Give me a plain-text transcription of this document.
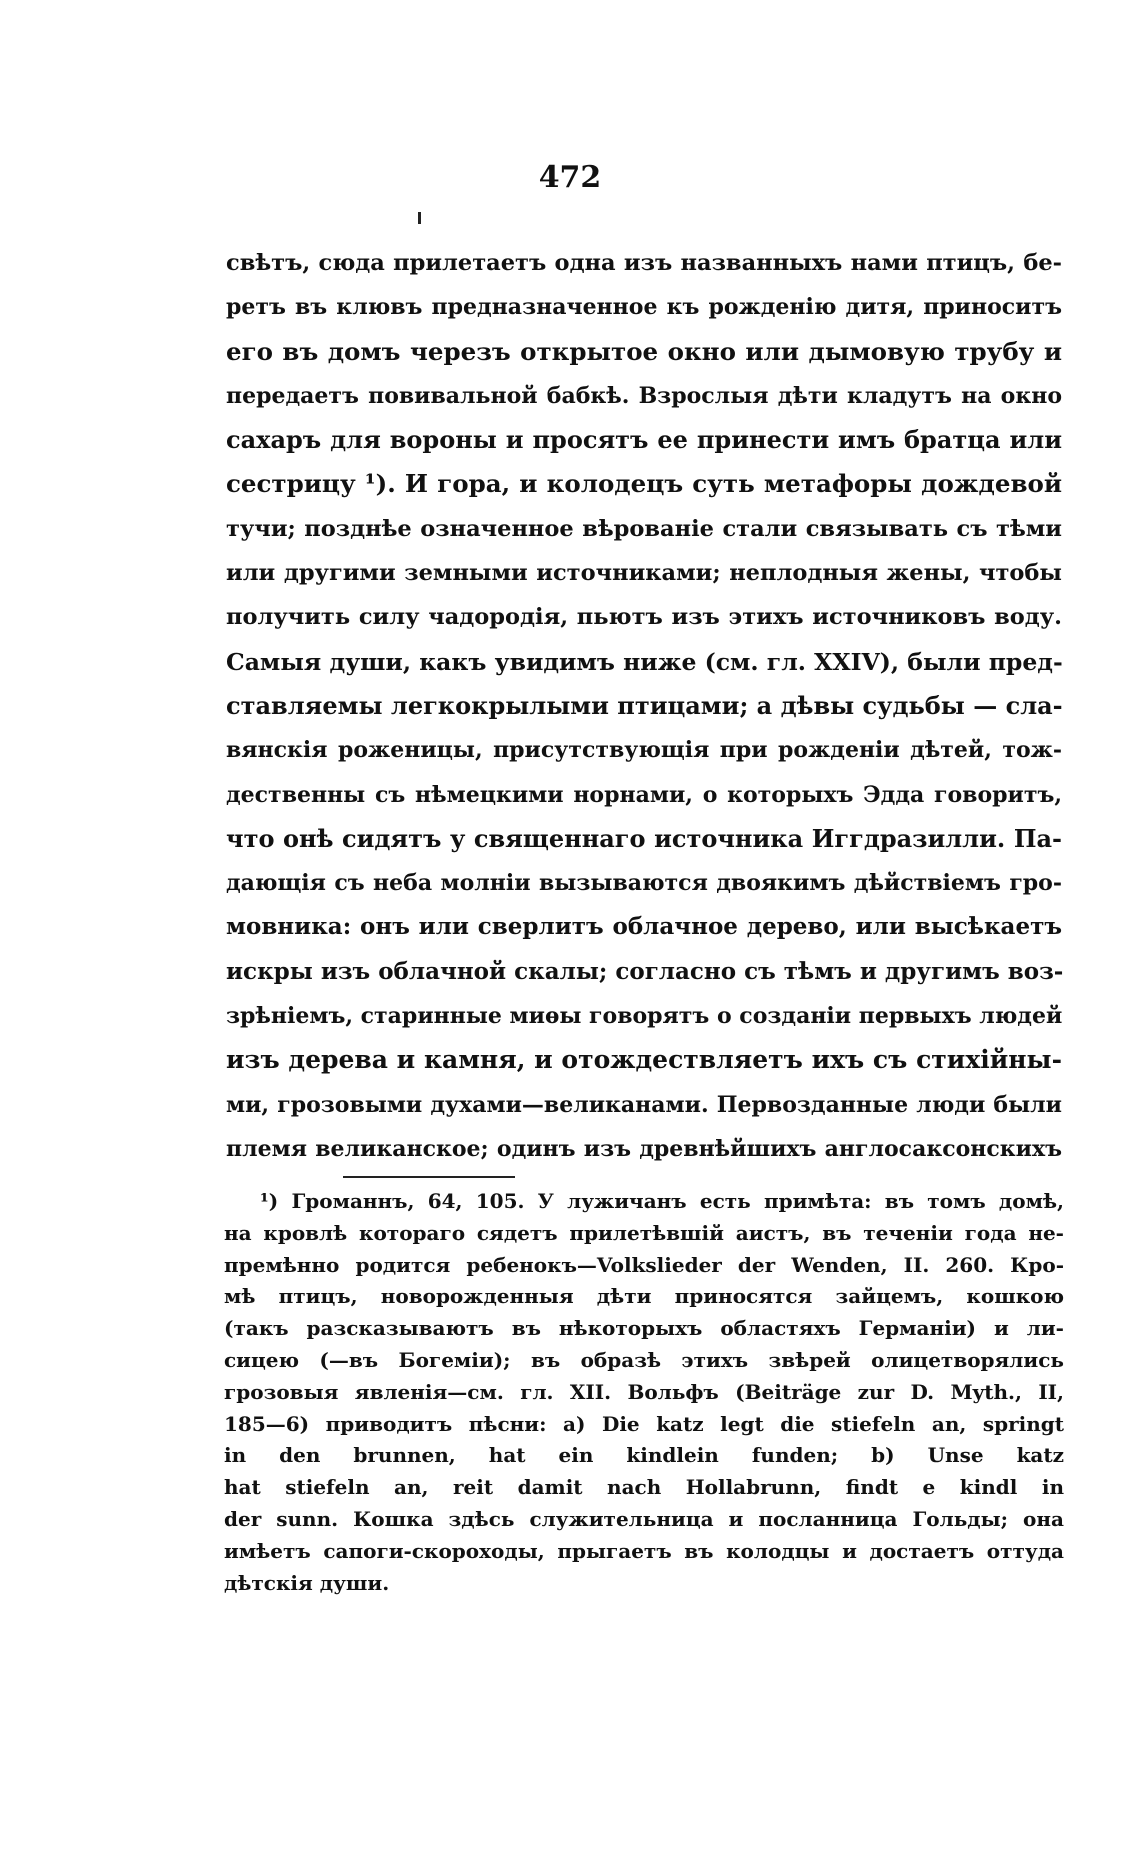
472
свѣтъ, сюда прилетаетъ одна изъ названныхъ нами птицъ, бе-
ретъ въ клювъ предназначенное къ рожденію дитя, приноситъ
его въ домъ черезъ открытое окно или дымовую трубу и
передаетъ повивальной бабкѣ. Взрослыя дѣти кладутъ на окно
сахаръ для вороны и просятъ ее принести имъ братца или
сестрицу ¹). И гора, и колодецъ суть метафоры дождевой
тучи; позднѣе означенное вѣрованіе стали связывать съ тѣми
или другими земными источниками; неплодныя жены, чтобы
получить силу чадородія, пьютъ изъ этихъ источниковъ воду.
Самыя души, какъ увидимъ ниже (см. гл. XXIV), были пред-
ставляемы легкокрылыми птицами; а дѣвы судьбы — сла-
вянскія роженицы, присутствующія при рожденіи дѣтей, тож-
дественны съ нѣмецкими норнами, о которыхъ Эдда говоритъ,
что онѣ сидятъ у священнаго источника Иггдразилли. Па-
дающія съ неба молніи вызываются двоякимъ дѣйствіемъ гро-
мовника: онъ или сверлитъ облачное дерево, или высѣкаетъ
искры изъ облачной скалы; согласно съ тѣмъ и другимъ воз-
зрѣніемъ, старинные миѳы говорятъ о созданіи первыхъ людей
изъ дерева и камня, и отождествляетъ ихъ съ стихійны-
ми, грозовыми духами—великанами. Первозданные люди были
племя великанское; одинъ изъ древнѣйшихъ англосаксонскихъ
¹) Громаннъ, 64, 105. У лужичанъ есть примѣта: въ томъ домѣ,
на кровлѣ котораго сядетъ прилетѣвшій аистъ, въ теченіи года не-
премѣнно родится ребенокъ—Volkslieder der Wenden, II. 260. Кро-
мѣ птицъ, новорожденныя дѣти приносятся зайцемъ, кошкою
(такъ разсказываютъ въ нѣкоторыхъ областяхъ Германіи) и ли-
сицею (—въ Богеміи); въ образѣ этихъ звѣрей олицетворялись
грозовыя явленія—см. гл. XII. Вольфъ (Beiträge zur D. Myth., II,
185—6) приводитъ пѣсни: a) Die katz legt die stiefeln an, springt
in den brunnen, hat ein kindlein funden; b) Unse katz
hat stiefeln an, reit damit nach Hollabrunn, findt e kindl in
der sunn. Кошка здѣсь служительница и посланница Гольды; она
имѣетъ сапоги-скороходы, прыгаетъ въ колодцы и достаетъ оттуда
дѣтскія души.
